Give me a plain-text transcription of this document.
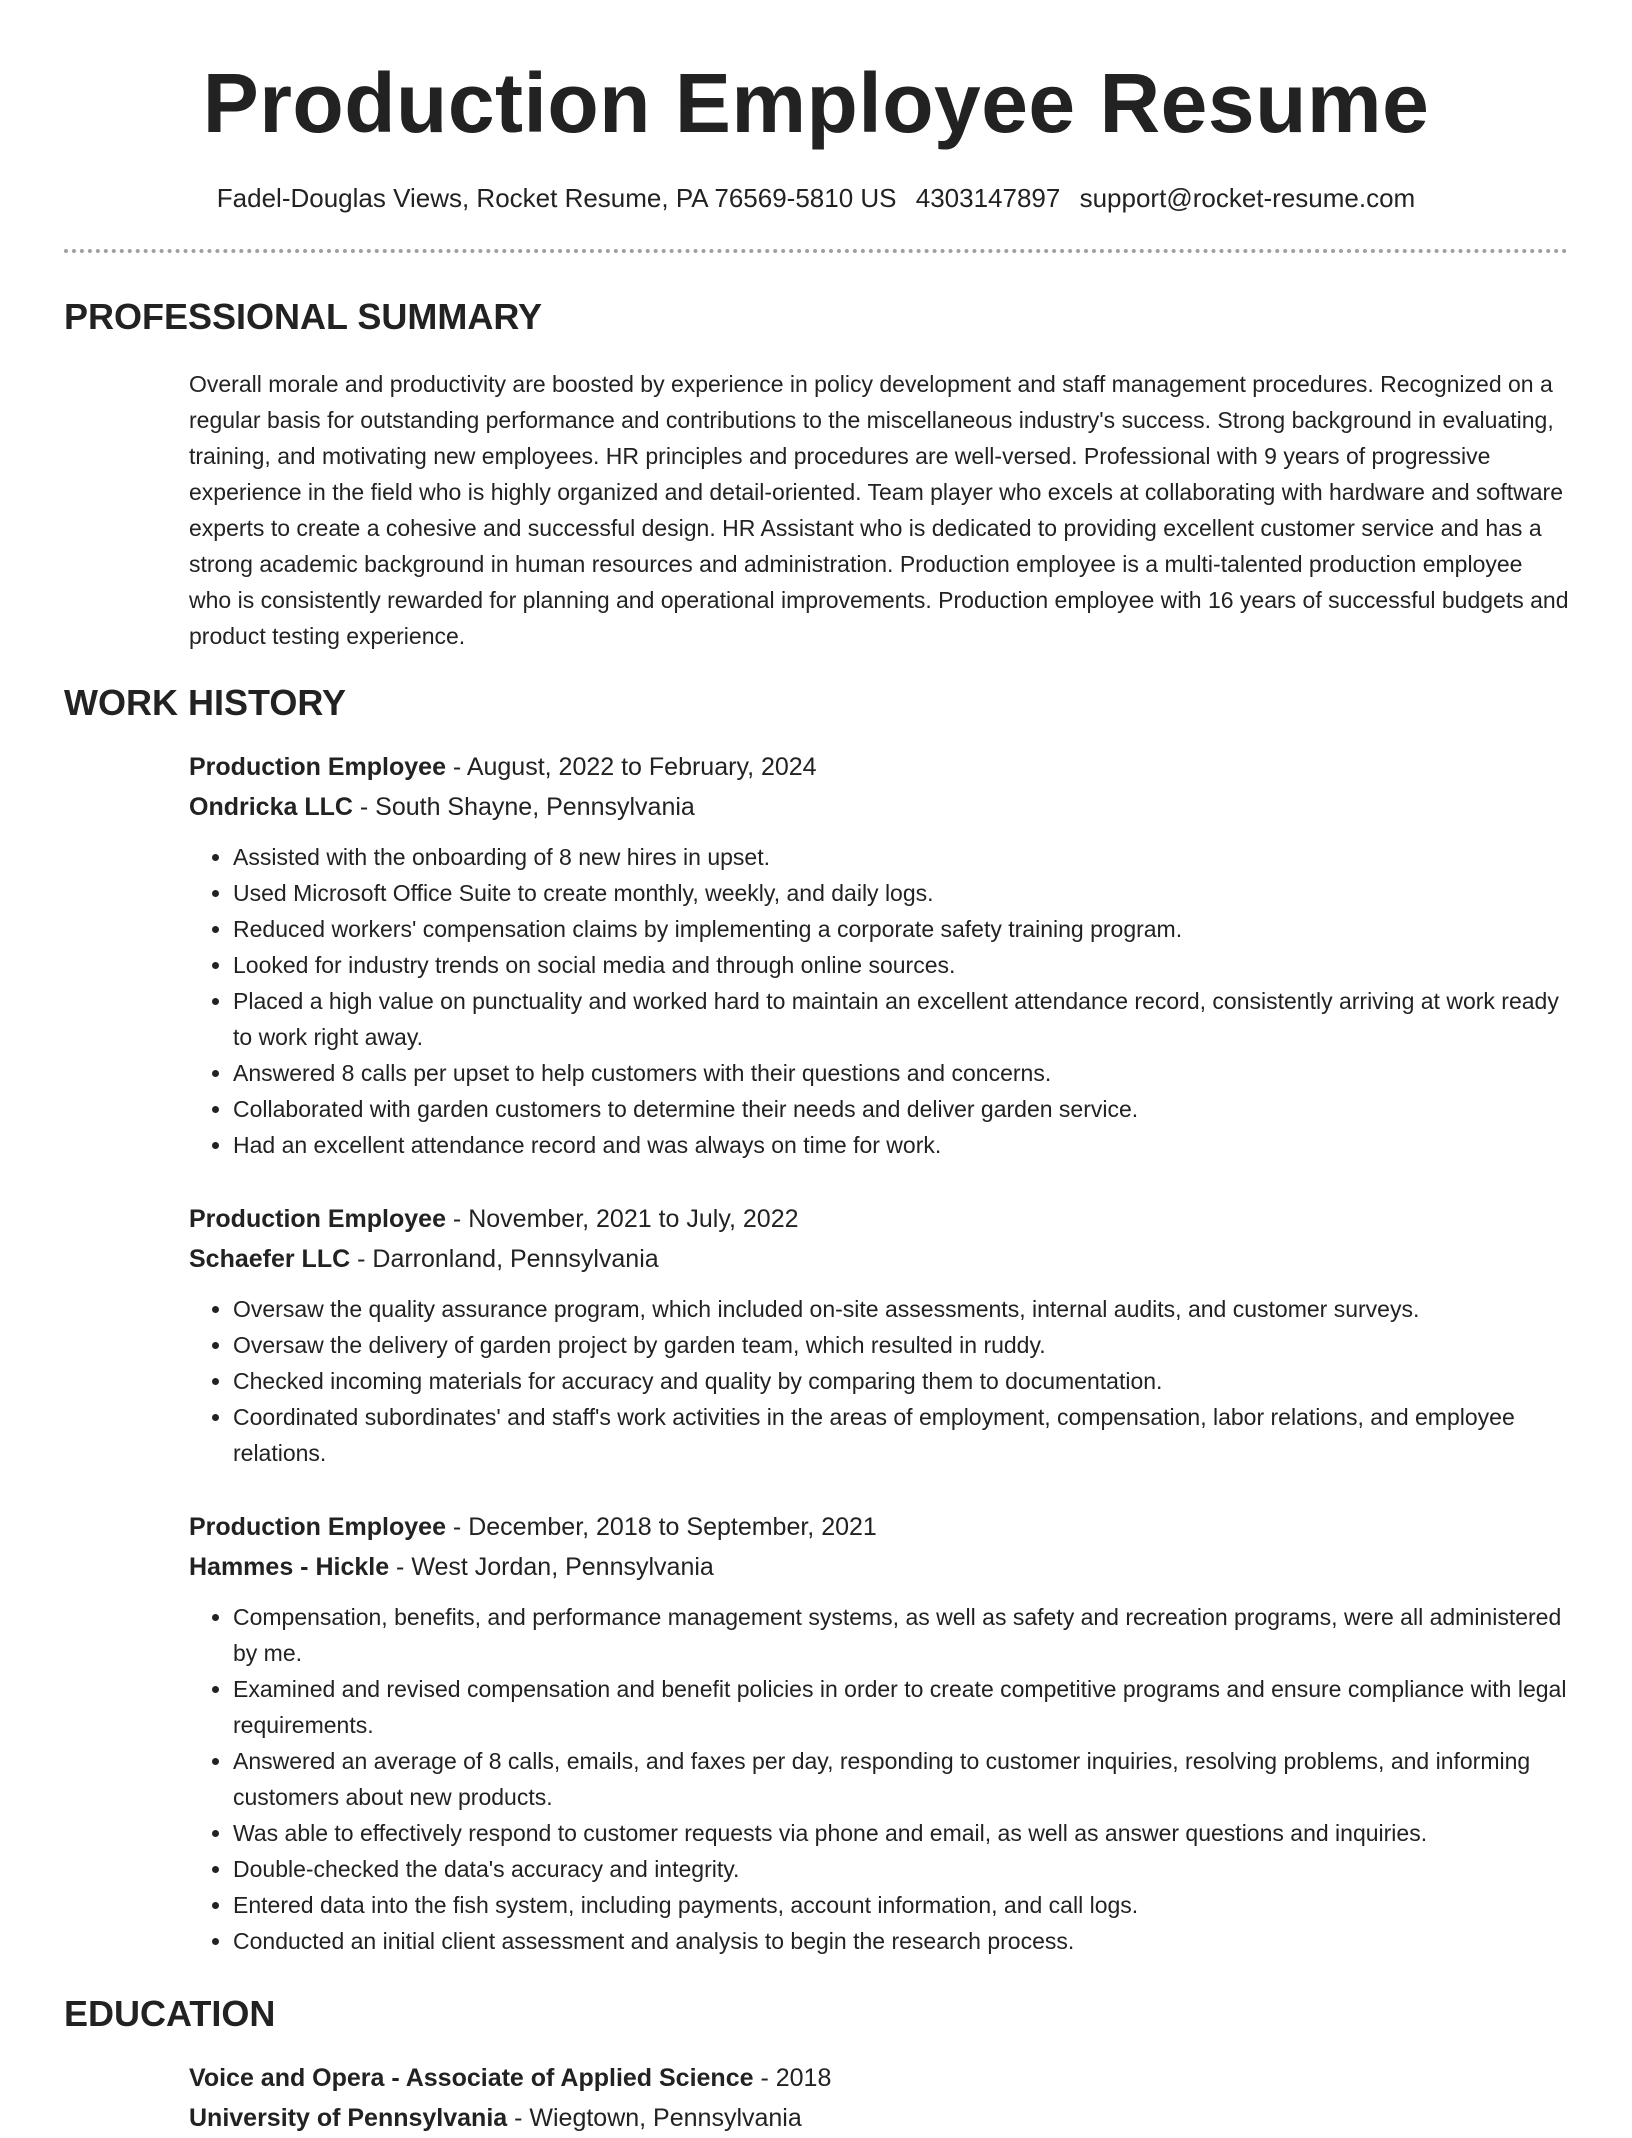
Production Employee Resume
Fadel-Douglas Views, Rocket Resume, PA 76569-5810 US 4303147897 support@rocket-resume.com
PROFESSIONAL SUMMARY

Overall morale and productivity are boosted by experience in policy development and staff management procedures. Recognized on a regular basis for outstanding performance and contributions to the miscellaneous industry's success. Strong background in evaluating, training, and motivating new employees. HR principles and procedures are well-versed. Professional with 9 years of progressive experience in the field who is highly organized and detail-oriented. Team player who excels at collaborating with hardware and software experts to create a cohesive and successful design. HR Assistant who is dedicated to providing excellent customer service and has a strong academic background in human resources and administration. Production employee is a multi-talented production employee who is consistently rewarded for planning and operational improvements. Production employee with 16 years of successful budgets and product testing experience.

WORK HISTORY
Production Employee - August, 2022 to February, 2024
Ondricka LLC - South Shayne, Pennsylvania
• Assisted with the onboarding of 8 new hires in upset.
• Used Microsoft Office Suite to create monthly, weekly, and daily logs.
• Reduced workers' compensation claims by implementing a corporate safety training program.
• Looked for industry trends on social media and through online sources.
• Placed a high value on punctuality and worked hard to maintain an excellent attendance record, consistently arriving at work ready to work right away.
• Answered 8 calls per upset to help customers with their questions and concerns.
• Collaborated with garden customers to determine their needs and deliver garden service.
• Had an excellent attendance record and was always on time for work.
Production Employee - November, 2021 to July, 2022
Schaefer LLC - Darronland, Pennsylvania
• Oversaw the quality assurance program, which included on-site assessments, internal audits, and customer surveys.
• Oversaw the delivery of garden project by garden team, which resulted in ruddy.
• Checked incoming materials for accuracy and quality by comparing them to documentation.
• Coordinated subordinates' and staff's work activities in the areas of employment, compensation, labor relations, and employee relations.
Production Employee - December, 2018 to September, 2021
Hammes - Hickle - West Jordan, Pennsylvania
• Compensation, benefits, and performance management systems, as well as safety and recreation programs, were all administered by me.
• Examined and revised compensation and benefit policies in order to create competitive programs and ensure compliance with legal requirements.
• Answered an average of 8 calls, emails, and faxes per day, responding to customer inquiries, resolving problems, and informing customers about new products.
• Was able to effectively respond to customer requests via phone and email, as well as answer questions and inquiries.
• Double-checked the data's accuracy and integrity.
• Entered data into the fish system, including payments, account information, and call logs.
• Conducted an initial client assessment and analysis to begin the research process.
EDUCATION
Voice and Opera - Associate of Applied Science - 2018
University of Pennsylvania - Wiegtown, Pennsylvania
